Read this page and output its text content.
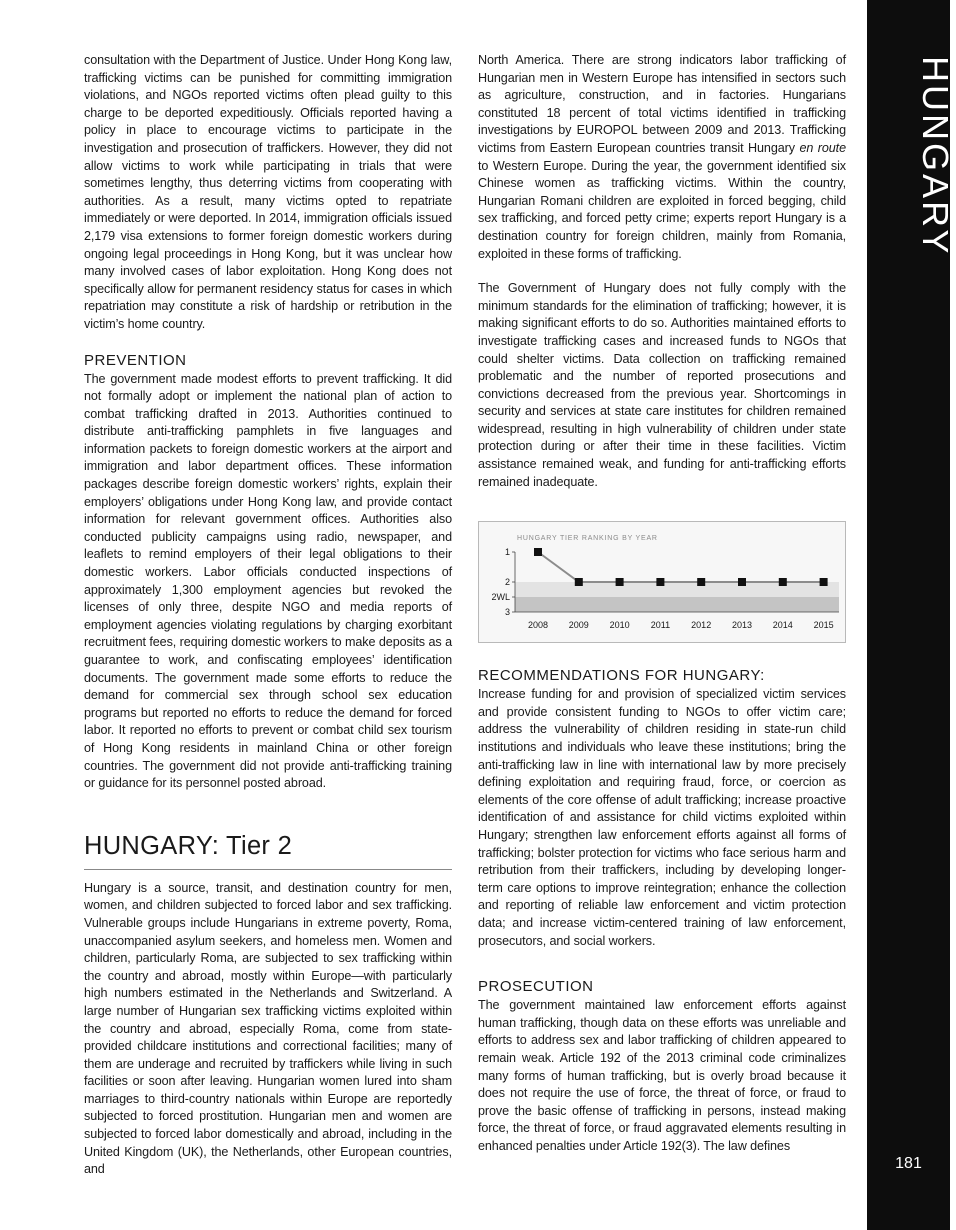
consultation with the Department of Justice. Under Hong Kong law, trafficking victims can be punished for committing immigration violations, and NGOs reported victims often plead guilty to this charge to be deported expeditiously. Officials reported having a policy in place to encourage victims to participate in the investigation and prosecution of traffickers. However, they did not allow victims to work while participating in trials that were sometimes lengthy, thus deterring victims from cooperating with authorities. As a result, many victims opted to repatriate immediately or were deported. In 2014, immigration officials issued 2,179 visa extensions to former foreign domestic workers during ongoing legal proceedings in Hong Kong, but it was unclear how many involved cases of labor exploitation. Hong Kong does not specifically allow for permanent residency status for cases in which repatriation may constitute a risk of hardship or retribution in the victim’s home country.

PREVENTION

The government made modest efforts to prevent trafficking. It did not formally adopt or implement the national plan of action to combat trafficking drafted in 2013. Authorities continued to distribute anti-trafficking pamphlets in five languages and information packets to foreign domestic workers at the airport and immigration and labor department offices. These information packages describe foreign domestic workers’ rights, explain their employers’ obligations under Hong Kong law, and provide contact information for relevant government offices. Authorities also conducted publicity campaigns using radio, newspaper, and leaflets to remind employers of their legal obligations to their domestic workers. Labor officials conducted inspections of approximately 1,300 employment agencies but revoked the licenses of only three, despite NGO and media reports of employment agencies violating regulations by charging exorbitant recruitment fees, requiring domestic workers to make deposits as a guarantee to work, and confiscating employees’ identification documents. The government made some efforts to reduce the demand for commercial sex through school sex education programs but reported no efforts to reduce the demand for forced labor. It reported no efforts to prevent or combat child sex tourism of Hong Kong residents in mainland China or other foreign countries. The government did not provide anti-trafficking training or guidance for its personnel posted abroad.

HUNGARY: Tier 2

Hungary is a source, transit, and destination country for men, women, and children subjected to forced labor and sex trafficking. Vulnerable groups include Hungarians in extreme poverty, Roma, unaccompanied asylum seekers, and homeless men. Women and children, particularly Roma, are subjected to sex trafficking within the country and abroad, mostly within Europe—with particularly high numbers estimated in the Netherlands and Switzerland. A large number of Hungarian sex trafficking victims exploited within the country and abroad, especially Roma, come from state-provided childcare institutions and correctional facilities; many of them are underage and recruited by traffickers while living in such facilities or soon after leaving. Hungarian women lured into sham marriages to third-country nationals within Europe are reportedly subjected to forced prostitution. Hungarian men and women are subjected to forced labor domestically and abroad, including in the United Kingdom (UK), the Netherlands, other European countries, and

North America. There are strong indicators labor trafficking of Hungarian men in Western Europe has intensified in sectors such as agriculture, construction, and in factories. Hungarians constituted 18 percent of total victims identified in trafficking investigations by EUROPOL between 2009 and 2013. Trafficking victims from Eastern European countries transit Hungary en route to Western Europe. During the year, the government identified six Chinese women as trafficking victims. Within the country, Hungarian Romani children are exploited in forced begging, child sex trafficking, and forced petty crime; experts report Hungary is a destination country for foreign children, mainly from Romania, exploited in these forms of trafficking.

The Government of Hungary does not fully comply with the minimum standards for the elimination of trafficking; however, it is making significant efforts to do so. Authorities maintained efforts to investigate trafficking cases and increased funds to NGOs that could shelter victims. Data collection on trafficking remained problematic and the number of reported prosecutions and convictions decreased from the previous year. Shortcomings in security and services at state care institutes for children remained widespread, resulting in high vulnerability of children under state protection during or after their time in these facilities. Victim assistance remained weak, and funding for anti-trafficking efforts remained inadequate.

HUNGARY TIER RANKING BY YEAR
1
2
2WL
3
2008 2009 2010 2011 2012 2013 2014 2015
RECOMMENDATIONS FOR HUNGARY:

Increase funding for and provision of specialized victim services and provide consistent funding to NGOs to offer victim care; address the vulnerability of children residing in state-run child institutions and individuals who leave these institutions; bring the anti-trafficking law in line with international law by more precisely defining exploitation and requiring fraud, force, or coercion as elements of the core offense of adult trafficking; increase proactive identification of and assistance for child victims exploited within Hungary; strengthen law enforcement efforts against all forms of trafficking; bolster protection for victims who face serious harm and retribution from their traffickers, including by developing longer-term care options to improve reintegration; enhance the collection and reporting of reliable law enforcement and victim protection data; and increase victim-centered training of law enforcement, prosecutors, and social workers.

PROSECUTION

The government maintained law enforcement efforts against human trafficking, though data on these efforts was unreliable and efforts to address sex and labor trafficking of children appeared to remain weak. Article 192 of the 2013 criminal code criminalizes many forms of human trafficking, but is overly broad because it does not require the use of force, the threat of force, or fraud to prove the basic offense of trafficking in persons, instead making force, the threat of force, or fraud aggravated elements resulting in enhanced penalties under Article 192(3). The law defines

HUNGARY
181
